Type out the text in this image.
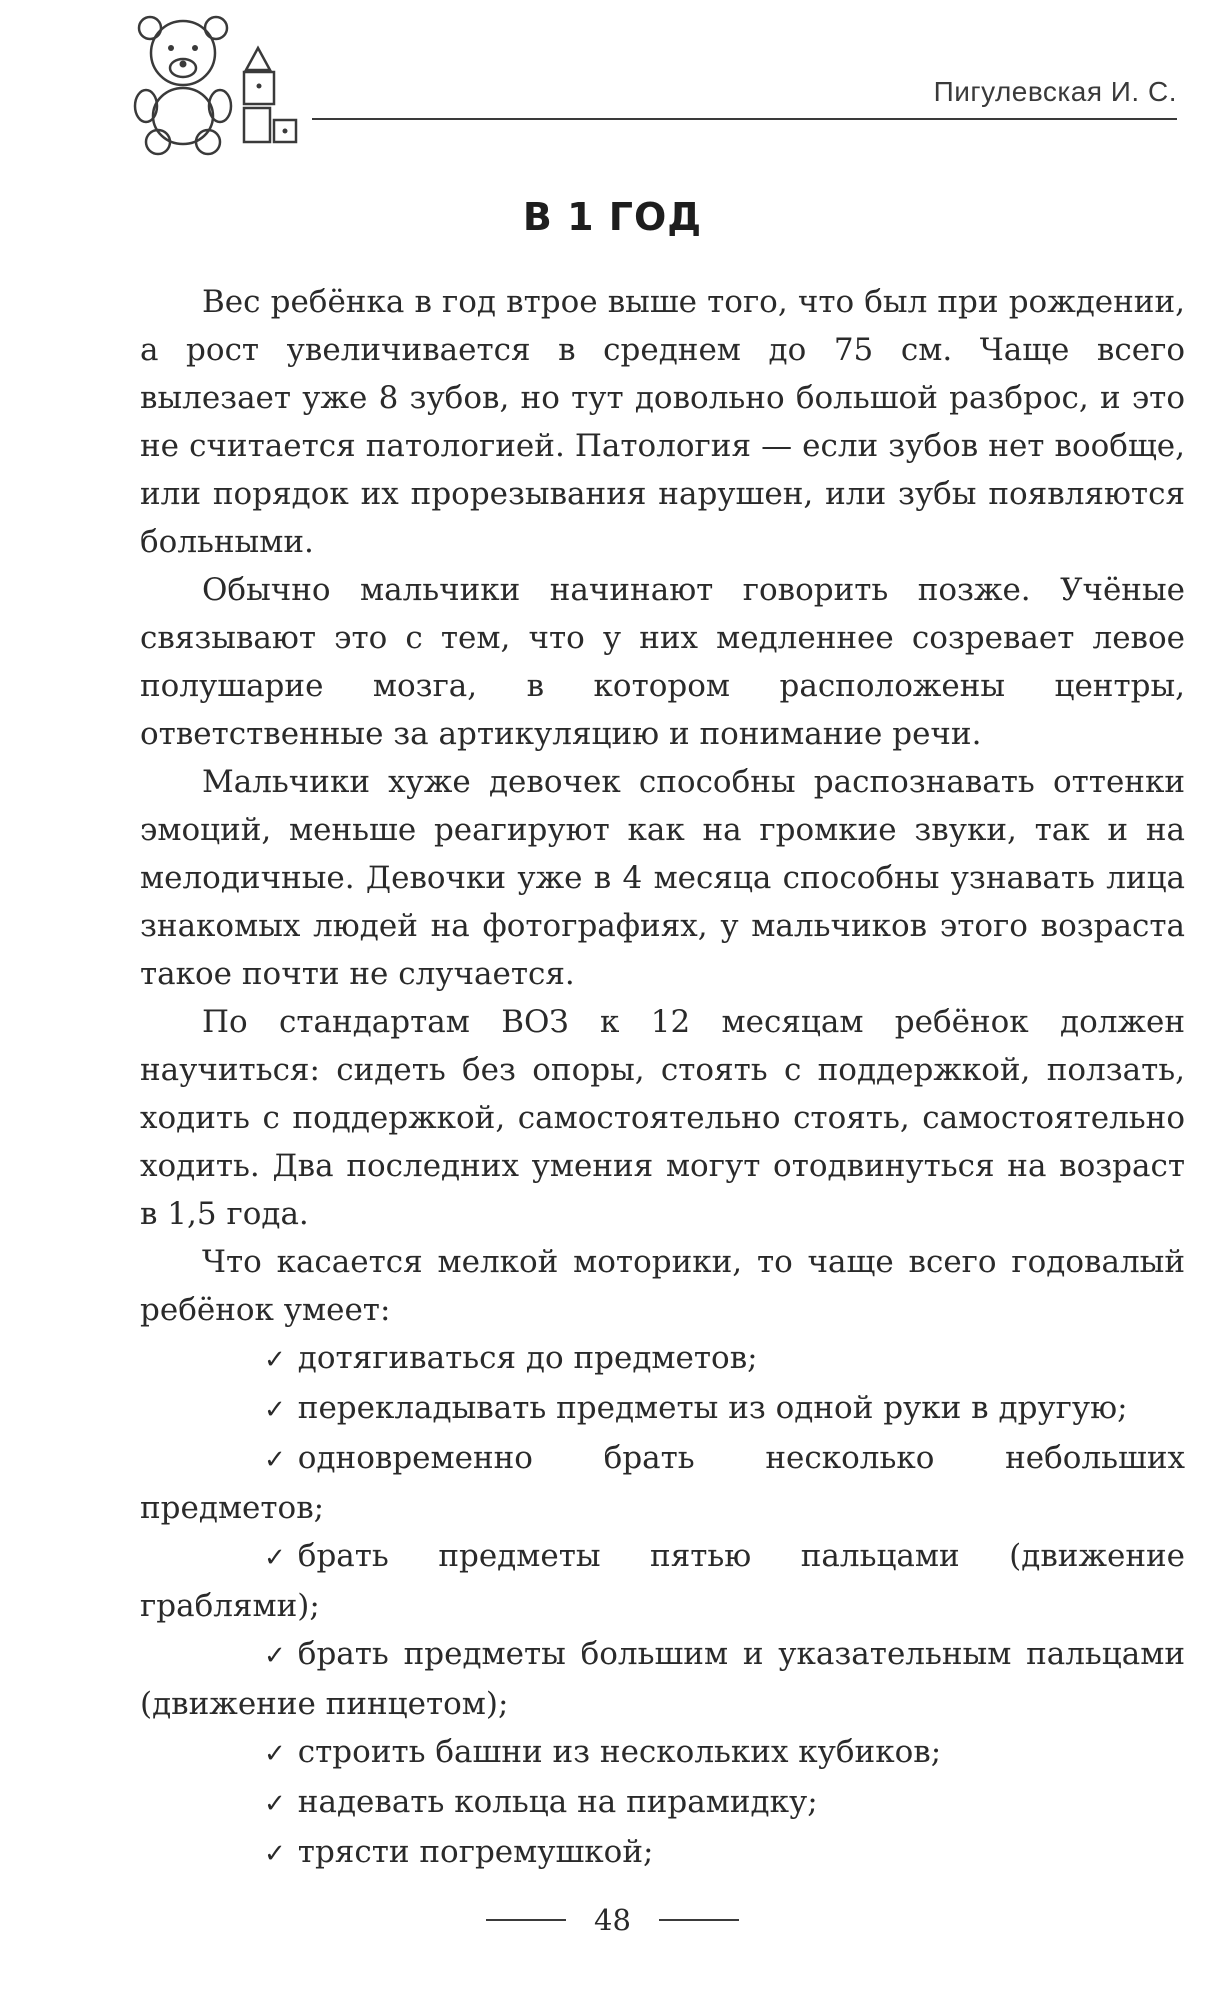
Пигулевская И. С.
В 1 ГОД

Вес ребёнка в год втрое выше того, что был при рождении, а рост увеличивается в среднем до 75 см. Чаще всего вылезает уже 8 зубов, но тут довольно большой разброс, и это не считается патологией. Патология — если зубов нет вообще, или порядок их прорезывания нарушен, или зубы появляются больными.

Обычно мальчики начинают говорить позже. Учёные связывают это с тем, что у них медленнее созревает левое полушарие мозга, в котором расположены центры, ответственные за артикуляцию и понимание речи.

Мальчики хуже девочек способны распознавать оттенки эмоций, меньше реагируют как на громкие звуки, так и на мелодичные. Девочки уже в 4 месяца способны узнавать лица знакомых людей на фотографиях, у мальчиков этого возраста такое почти не случается.

По стандартам ВОЗ к 12 месяцам ребёнок должен научиться: сидеть без опоры, стоять с поддержкой, ползать, ходить с поддержкой, самостоятельно стоять, самостоятельно ходить. Два последних умения могут отодвинуться на возраст в 1,5 года.

Что касается мелкой моторики, то чаще всего годовалый ребёнок умеет:

✓ дотягиваться до предметов;

✓ перекладывать предметы из одной руки в другую;

✓ одновременно брать несколько небольших предметов;

✓ брать предметы пятью пальцами (движение граблями);

✓ брать предметы большим и указательным пальцами (движение пинцетом);

✓ строить башни из нескольких кубиков;

✓ надевать кольца на пирамидку;

✓ трясти погремушкой;

48
